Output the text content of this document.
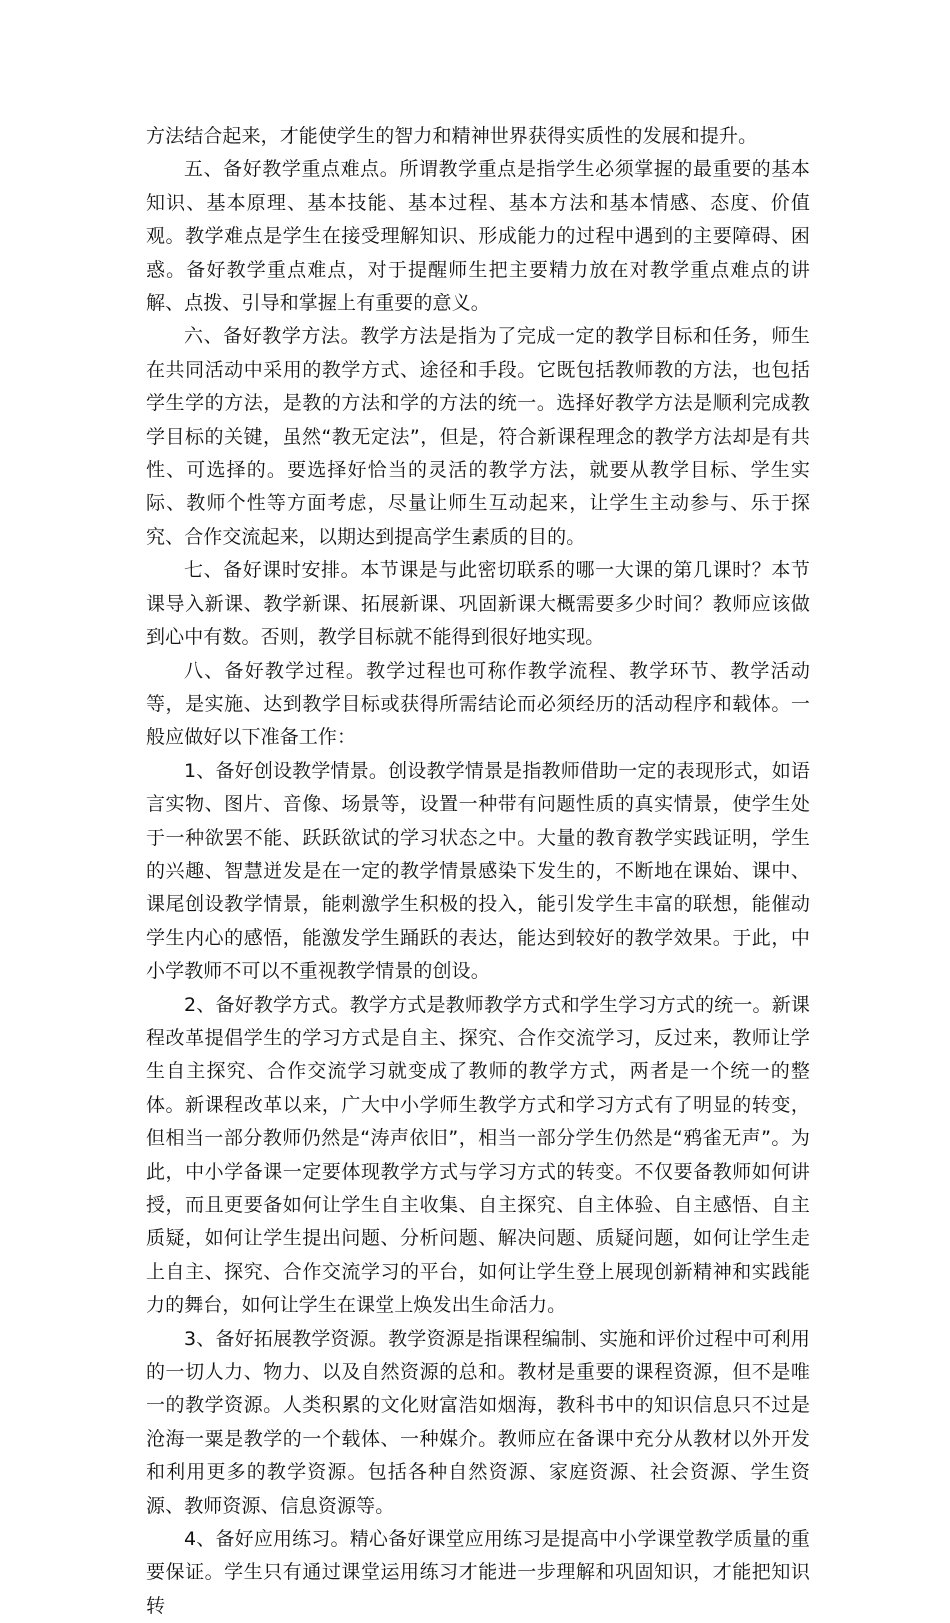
方法结合起来，才能使学生的智力和精神世界获得实质性的发展和提升。

五、备好教学重点难点。所谓教学重点是指学生必须掌握的最重要的基本知识、基本原理、基本技能、基本过程、基本方法和基本情感、态度、价值观。教学难点是学生在接受理解知识、形成能力的过程中遇到的主要障碍、困惑。备好教学重点难点，对于提醒师生把主要精力放在对教学重点难点的讲解、点拨、引导和掌握上有重要的意义。

六、备好教学方法。教学方法是指为了完成一定的教学目标和任务，师生在共同活动中采用的教学方式、途径和手段。它既包括教师教的方法，也包括学生学的方法，是教的方法和学的方法的统一。选择好教学方法是顺利完成教学目标的关键，虽然“教无定法”，但是，符合新课程理念的教学方法却是有共性、可选择的。要选择好恰当的灵活的教学方法，就要从教学目标、学生实际、教师个性等方面考虑，尽量让师生互动起来，让学生主动参与、乐于探究、合作交流起来，以期达到提高学生素质的目的。

七、备好课时安排。本节课是与此密切联系的哪一大课的第几课时？本节课导入新课、教学新课、拓展新课、巩固新课大概需要多少时间？教师应该做到心中有数。否则，教学目标就不能得到很好地实现。

八、备好教学过程。教学过程也可称作教学流程、教学环节、教学活动等，是实施、达到教学目标或获得所需结论而必须经历的活动程序和载体。一般应做好以下准备工作：

1、备好创设教学情景。创设教学情景是指教师借助一定的表现形式，如语言实物、图片、音像、场景等，设置一种带有问题性质的真实情景，使学生处于一种欲罢不能、跃跃欲试的学习状态之中。大量的教育教学实践证明，学生的兴趣、智慧迸发是在一定的教学情景感染下发生的，不断地在课始、课中、课尾创设教学情景，能刺激学生积极的投入，能引发学生丰富的联想，能催动学生内心的感悟，能激发学生踊跃的表达，能达到较好的教学效果。于此，中小学教师不可以不重视教学情景的创设。

2、备好教学方式。教学方式是教师教学方式和学生学习方式的统一。新课程改革提倡学生的学习方式是自主、探究、合作交流学习，反过来，教师让学生自主探究、合作交流学习就变成了教师的教学方式，两者是一个统一的整体。新课程改革以来，广大中小学师生教学方式和学习方式有了明显的转变，但相当一部分教师仍然是“涛声依旧”，相当一部分学生仍然是“鸦雀无声”。为此，中小学备课一定要体现教学方式与学习方式的转变。不仅要备教师如何讲授，而且更要备如何让学生自主收集、自主探究、自主体验、自主感悟、自主质疑，如何让学生提出问题、分析问题、解决问题、质疑问题，如何让学生走上自主、探究、合作交流学习的平台，如何让学生登上展现创新精神和实践能力的舞台，如何让学生在课堂上焕发出生命活力。

3、备好拓展教学资源。教学资源是指课程编制、实施和评价过程中可利用的一切人力、物力、以及自然资源的总和。教材是重要的课程资源，但不是唯一的教学资源。人类积累的文化财富浩如烟海，教科书中的知识信息只不过是沧海一粟是教学的一个载体、一种媒介。教师应在备课中充分从教材以外开发和利用更多的教学资源。包括各种自然资源、家庭资源、社会资源、学生资源、教师资源、信息资源等。

4、备好应用练习。精心备好课堂应用练习是提高中小学课堂教学质量的重要保证。学生只有通过课堂运用练习才能进一步理解和巩固知识，才能把知识转
